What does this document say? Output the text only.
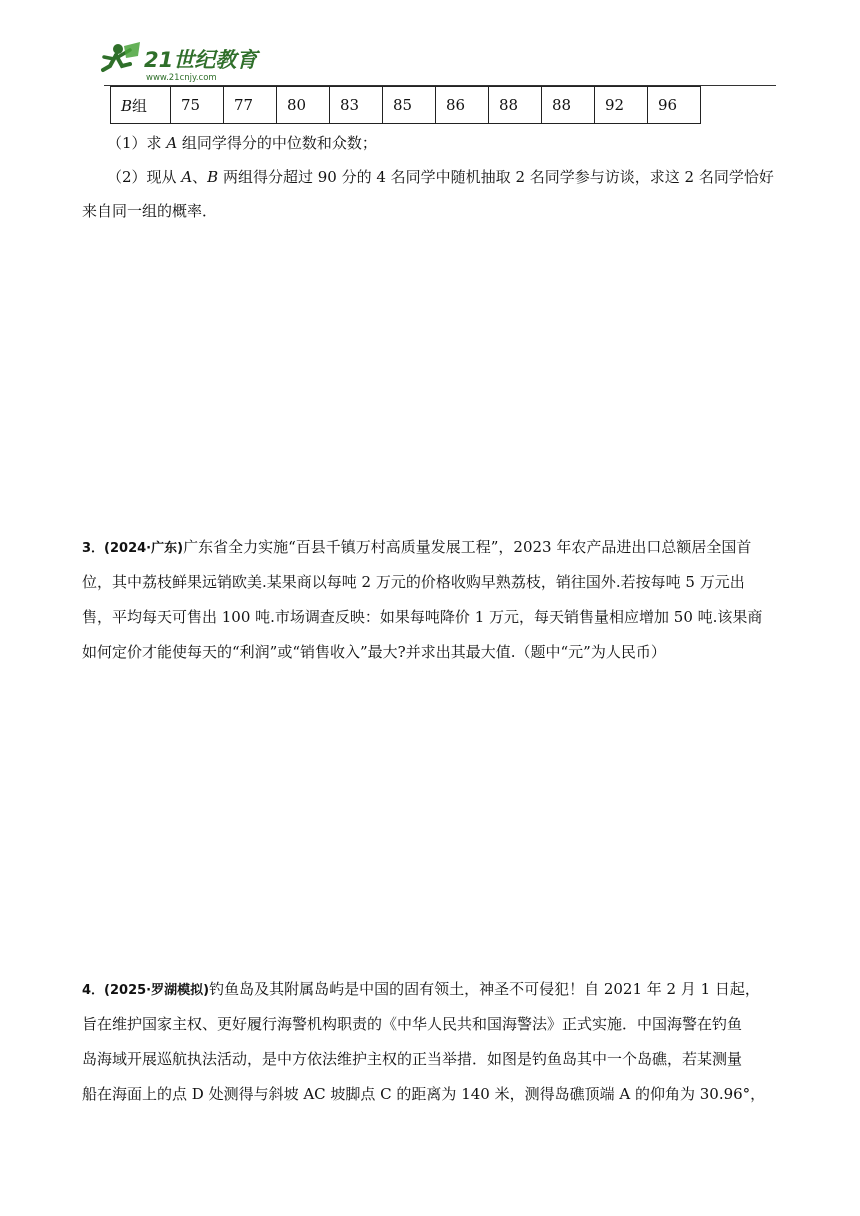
21世纪教育
www.21cnjy.com
B组	75	77	80	83	85	86	88	88	92	96
（1）求 A 组同学得分的中位数和众数；
（2）现从 A、B 两组得分超过 90 分的 4 名同学中随机抽取 2 名同学参与访谈，求这 2 名同学恰好
来自同一组的概率．
3．(2024·广东)广东省全力实施“百县千镇万村高质量发展工程”，2023 年农产品进出口总额居全国首
位，其中荔枝鲜果远销欧美.某果商以每吨 2 万元的价格收购早熟荔枝，销往国外.若按每吨 5 万元出
售，平均每天可售出 100 吨.市场调查反映：如果每吨降价 1 万元，每天销售量相应增加 50 吨.该果商
如何定价才能使每天的“利润”或“销售收入”最大?并求出其最大值.（题中“元”为人民币）
4．(2025·罗湖模拟)钓鱼岛及其附属岛屿是中国的固有领土，神圣不可侵犯！自 2021 年 2 月 1 日起，
旨在维护国家主权、更好履行海警机构职责的《中华人民共和国海警法》正式实施．中国海警在钓鱼
岛海域开展巡航执法活动，是中方依法维护主权的正当举措．如图是钓鱼岛其中一个岛礁，若某测量
船在海面上的点 D 处测得与斜坡 AC 坡脚点 C 的距离为 140 米，测得岛礁顶端 A 的仰角为 30.96°，
